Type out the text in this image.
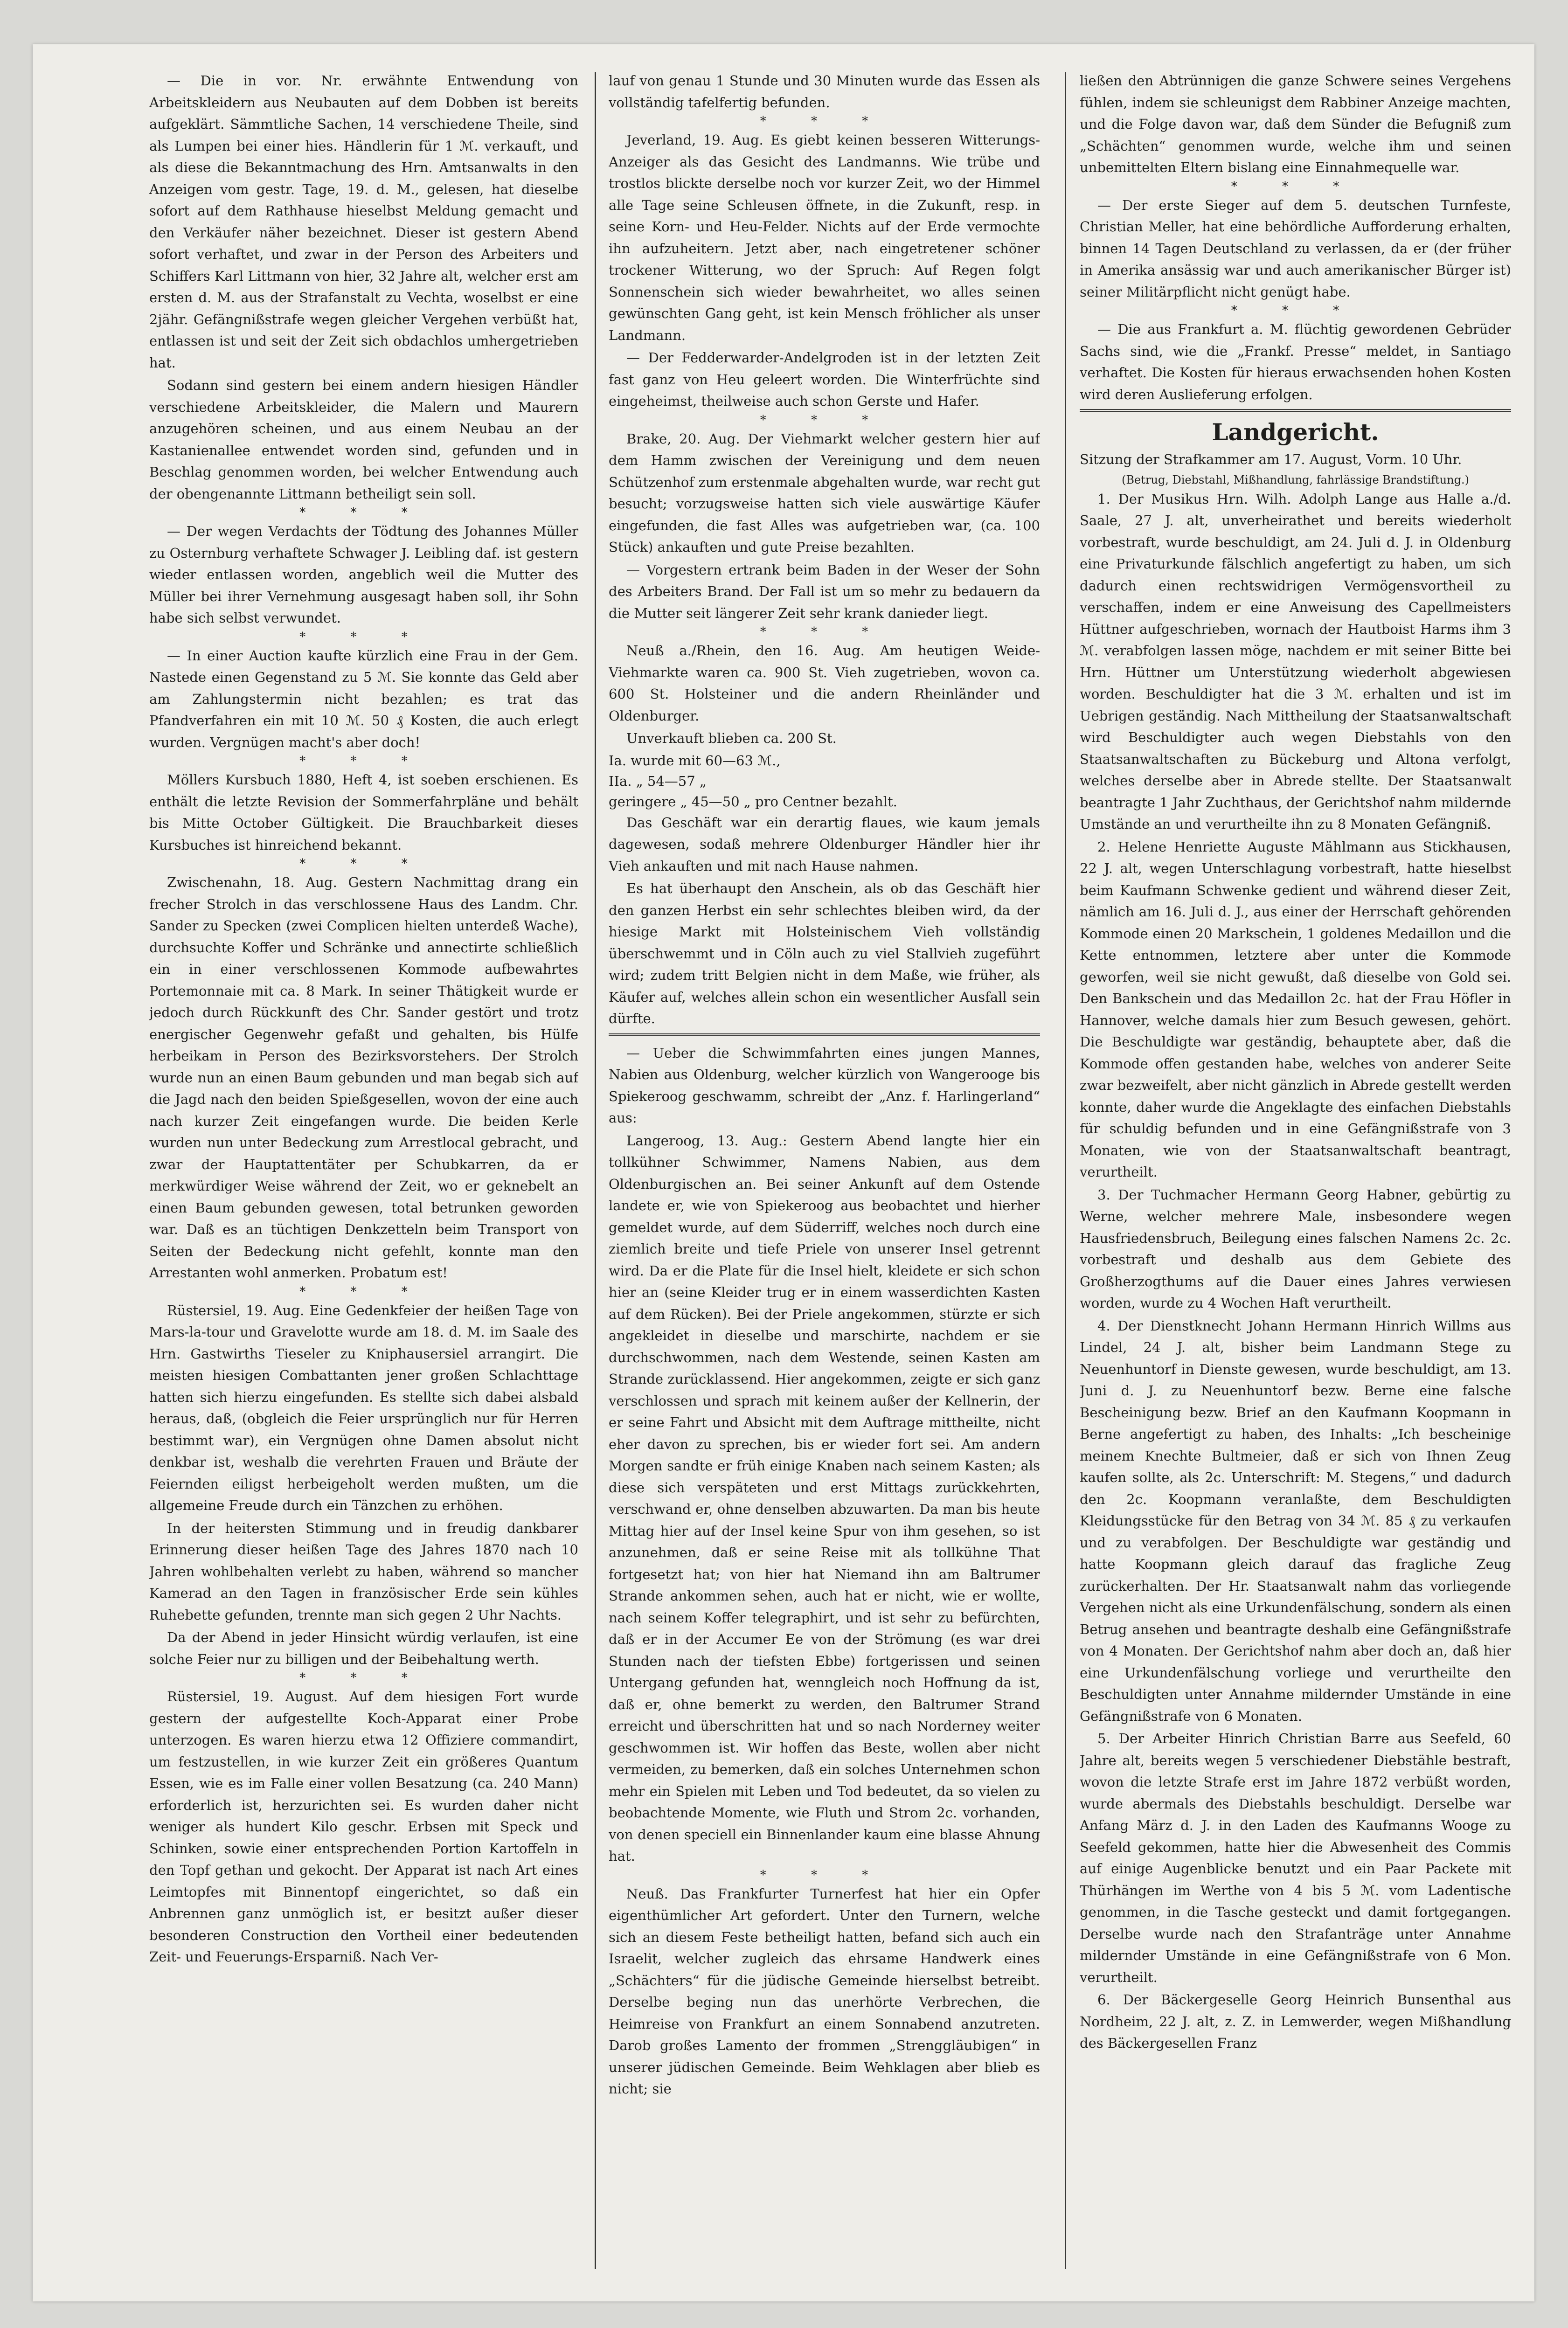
— Die in vor. Nr. erwähnte Entwendung von Arbeitskleidern aus Neubauten auf dem Dobben ist bereits aufgeklärt. Sämmtliche Sachen, 14 verschiedene Theile, sind als Lumpen bei einer hies. Händlerin für 1 ℳ. verkauft, und als diese die Bekanntmachung des Hrn. Amtsanwalts in den Anzeigen vom gestr. Tage, 19. d. M., gelesen, hat dieselbe sofort auf dem Rathhause hieselbst Meldung gemacht und den Verkäufer näher bezeichnet. Dieser ist gestern Abend sofort verhaftet, und zwar in der Person des Arbeiters und Schiffers Karl Littmann von hier, 32 Jahre alt, welcher erst am ersten d. M. aus der Strafanstalt zu Vechta, woselbst er eine 2jähr. Gefängnißstrafe wegen gleicher Vergehen verbüßt hat, entlassen ist und seit der Zeit sich obdachlos umhergetrieben hat.

Sodann sind gestern bei einem andern hiesigen Händler verschiedene Arbeitskleider, die Malern und Maurern anzugehören scheinen, und aus einem Neubau an der Kastanienallee entwendet worden sind, gefunden und in Beschlag genommen worden, bei welcher Entwendung auch der obengenannte Littmann betheiligt sein soll.

* * *

— Der wegen Verdachts der Tödtung des Johannes Müller zu Osternburg verhaftete Schwager J. Leibling daf. ist gestern wieder entlassen worden, angeblich weil die Mutter des Müller bei ihrer Vernehmung ausgesagt haben soll, ihr Sohn habe sich selbst verwundet.

* * *

— In einer Auction kaufte kürzlich eine Frau in der Gem. Nastede einen Gegenstand zu 5 ℳ. Sie konnte das Geld aber am Zahlungstermin nicht bezahlen; es trat das Pfandverfahren ein mit 10 ℳ. 50 ₰ Kosten, die auch erlegt wurden. Vergnügen macht's aber doch!

* * *

Möllers Kursbuch 1880, Heft 4, ist soeben erschienen. Es enthält die letzte Revision der Sommerfahrpläne und behält bis Mitte October Gültigkeit. Die Brauchbarkeit dieses Kursbuches ist hinreichend bekannt.

* * *

Zwischenahn, 18. Aug. Gestern Nachmittag drang ein frecher Strolch in das verschlossene Haus des Landm. Chr. Sander zu Specken (zwei Complicen hielten unterdeß Wache), durchsuchte Koffer und Schränke und annectirte schließlich ein in einer verschlossenen Kommode aufbewahrtes Portemonnaie mit ca. 8 Mark. In seiner Thätigkeit wurde er jedoch durch Rückkunft des Chr. Sander gestört und trotz energischer Gegenwehr gefaßt und gehalten, bis Hülfe herbeikam in Person des Bezirksvorstehers. Der Strolch wurde nun an einen Baum gebunden und man begab sich auf die Jagd nach den beiden Spießgesellen, wovon der eine auch nach kurzer Zeit eingefangen wurde. Die beiden Kerle wurden nun unter Bedeckung zum Arrestlocal gebracht, und zwar der Hauptattentäter per Schubkarren, da er merkwürdiger Weise während der Zeit, wo er geknebelt an einen Baum gebunden gewesen, total betrunken geworden war. Daß es an tüchtigen Denkzetteln beim Transport von Seiten der Bedeckung nicht gefehlt, konnte man den Arrestanten wohl anmerken. Probatum est!

* * *

Rüstersiel, 19. Aug. Eine Gedenkfeier der heißen Tage von Mars-la-tour und Gravelotte wurde am 18. d. M. im Saale des Hrn. Gastwirths Tieseler zu Kniphausersiel arrangirt. Die meisten hiesigen Combattanten jener großen Schlachttage hatten sich hierzu eingefunden. Es stellte sich dabei alsbald heraus, daß, (obgleich die Feier ursprünglich nur für Herren bestimmt war), ein Vergnügen ohne Damen absolut nicht denkbar ist, weshalb die verehrten Frauen und Bräute der Feiernden eiligst herbeigeholt werden mußten, um die allgemeine Freude durch ein Tänzchen zu erhöhen.

In der heitersten Stimmung und in freudig dankbarer Erinnerung dieser heißen Tage des Jahres 1870 nach 10 Jahren wohlbehalten verlebt zu haben, während so mancher Kamerad an den Tagen in französischer Erde sein kühles Ruhebette gefunden, trennte man sich gegen 2 Uhr Nachts.

Da der Abend in jeder Hinsicht würdig verlaufen, ist eine solche Feier nur zu billigen und der Beibehaltung werth.

* * *

Rüstersiel, 19. August. Auf dem hiesigen Fort wurde gestern der aufgestellte Koch-Apparat einer Probe unterzogen. Es waren hierzu etwa 12 Offiziere commandirt, um festzustellen, in wie kurzer Zeit ein größeres Quantum Essen, wie es im Falle einer vollen Besatzung (ca. 240 Mann) erforderlich ist, herzurichten sei. Es wurden daher nicht weniger als hundert Kilo geschr. Erbsen mit Speck und Schinken, sowie einer entsprechenden Portion Kartoffeln in den Topf gethan und gekocht. Der Apparat ist nach Art eines Leimtopfes mit Binnentopf eingerichtet, so daß ein Anbrennen ganz unmöglich ist, er besitzt außer dieser besonderen Construction den Vortheil einer bedeutenden Zeit- und Feuerungs-Ersparniß. Nach Ver-

lauf von genau 1 Stunde und 30 Minuten wurde das Essen als vollständig tafelfertig befunden.

* * *

Jeverland, 19. Aug. Es giebt keinen besseren Witterungs-Anzeiger als das Gesicht des Landmanns. Wie trübe und trostlos blickte derselbe noch vor kurzer Zeit, wo der Himmel alle Tage seine Schleusen öffnete, in die Zukunft, resp. in seine Korn- und Heu-Felder. Nichts auf der Erde vermochte ihn aufzuheitern. Jetzt aber, nach eingetretener schöner trockener Witterung, wo der Spruch: Auf Regen folgt Sonnenschein sich wieder bewahrheitet, wo alles seinen gewünschten Gang geht, ist kein Mensch fröhlicher als unser Landmann.

— Der Fedderwarder-Andelgroden ist in der letzten Zeit fast ganz von Heu geleert worden. Die Winterfrüchte sind eingeheimst, theilweise auch schon Gerste und Hafer.

* * *

Brake, 20. Aug. Der Viehmarkt welcher gestern hier auf dem Hamm zwischen der Vereinigung und dem neuen Schützenhof zum erstenmale abgehalten wurde, war recht gut besucht; vorzugsweise hatten sich viele auswärtige Käufer eingefunden, die fast Alles was aufgetrieben war, (ca. 100 Stück) ankauften und gute Preise bezahlten.

— Vorgestern ertrank beim Baden in der Weser der Sohn des Arbeiters Brand. Der Fall ist um so mehr zu bedauern da die Mutter seit längerer Zeit sehr krank danieder liegt.

* * *

Neuß a./Rhein, den 16. Aug. Am heutigen Weide-Viehmarkte waren ca. 900 St. Vieh zugetrieben, wovon ca. 600 St. Holsteiner und die andern Rheinländer und Oldenburger.

Unverkauft blieben ca. 200 St.

Ia. wurde mit 60—63 ℳ.,
IIa. „ 54—57 „
geringere „ 45—50 „ pro Centner bezahlt.

Das Geschäft war ein derartig flaues, wie kaum jemals dagewesen, sodaß mehrere Oldenburger Händler hier ihr Vieh ankauften und mit nach Hause nahmen.

Es hat überhaupt den Anschein, als ob das Geschäft hier den ganzen Herbst ein sehr schlechtes bleiben wird, da der hiesige Markt mit Holsteinischem Vieh vollständig überschwemmt und in Cöln auch zu viel Stallvieh zugeführt wird; zudem tritt Belgien nicht in dem Maße, wie früher, als Käufer auf, welches allein schon ein wesentlicher Ausfall sein dürfte.

— Ueber die Schwimmfahrten eines jungen Mannes, Nabien aus Oldenburg, welcher kürzlich von Wangerooge bis Spiekeroog geschwamm, schreibt der „Anz. f. Harlingerland“ aus:

Langeroog, 13. Aug.: Gestern Abend langte hier ein tollkühner Schwimmer, Namens Nabien, aus dem Oldenburgischen an. Bei seiner Ankunft auf dem Ostende landete er, wie von Spiekeroog aus beobachtet und hierher gemeldet wurde, auf dem Süderriff, welches noch durch eine ziemlich breite und tiefe Priele von unserer Insel getrennt wird. Da er die Plate für die Insel hielt, kleidete er sich schon hier an (seine Kleider trug er in einem wasserdichten Kasten auf dem Rücken). Bei der Priele angekommen, stürzte er sich angekleidet in dieselbe und marschirte, nachdem er sie durchschwommen, nach dem Westende, seinen Kasten am Strande zurücklassend. Hier angekommen, zeigte er sich ganz verschlossen und sprach mit keinem außer der Kellnerin, der er seine Fahrt und Absicht mit dem Auftrage mittheilte, nicht eher davon zu sprechen, bis er wieder fort sei. Am andern Morgen sandte er früh einige Knaben nach seinem Kasten; als diese sich verspäteten und erst Mittags zurückkehrten, verschwand er, ohne denselben abzuwarten. Da man bis heute Mittag hier auf der Insel keine Spur von ihm gesehen, so ist anzunehmen, daß er seine Reise mit als tollkühne That fortgesetzt hat; von hier hat Niemand ihn am Baltrumer Strande ankommen sehen, auch hat er nicht, wie er wollte, nach seinem Koffer telegraphirt, und ist sehr zu befürchten, daß er in der Accumer Ee von der Strömung (es war drei Stunden nach der tiefsten Ebbe) fortgerissen und seinen Untergang gefunden hat, wenngleich noch Hoffnung da ist, daß er, ohne bemerkt zu werden, den Baltrumer Strand erreicht und überschritten hat und so nach Norderney weiter geschwommen ist. Wir hoffen das Beste, wollen aber nicht vermeiden, zu bemerken, daß ein solches Unternehmen schon mehr ein Spielen mit Leben und Tod bedeutet, da so vielen zu beobachtende Momente, wie Fluth und Strom 2c. vorhanden, von denen speciell ein Binnenlander kaum eine blasse Ahnung hat.

* * *

Neuß. Das Frankfurter Turnerfest hat hier ein Opfer eigenthümlicher Art gefordert. Unter den Turnern, welche sich an diesem Feste betheiligt hatten, befand sich auch ein Israelit, welcher zugleich das ehrsame Handwerk eines „Schächters“ für die jüdische Gemeinde hierselbst betreibt. Derselbe beging nun das unerhörte Verbrechen, die Heimreise von Frankfurt an einem Sonnabend anzutreten. Darob großes Lamento der frommen „Strenggläubigen“ in unserer jüdischen Gemeinde. Beim Wehklagen aber blieb es nicht; sie

ließen den Abtrünnigen die ganze Schwere seines Vergehens fühlen, indem sie schleunigst dem Rabbiner Anzeige machten, und die Folge davon war, daß dem Sünder die Befugniß zum „Schächten“ genommen wurde, welche ihm und seinen unbemittelten Eltern bislang eine Einnahmequelle war.

* * *

— Der erste Sieger auf dem 5. deutschen Turnfeste, Christian Meller, hat eine behördliche Aufforderung erhalten, binnen 14 Tagen Deutschland zu verlassen, da er (der früher in Amerika ansässig war und auch amerikanischer Bürger ist) seiner Militärpflicht nicht genügt habe.

* * *

— Die aus Frankfurt a. M. flüchtig gewordenen Gebrüder Sachs sind, wie die „Frankf. Presse“ meldet, in Santiago verhaftet. Die Kosten für hieraus erwachsenden hohen Kosten wird deren Auslieferung erfolgen.

Landgericht.

Sitzung der Strafkammer am 17. August, Vorm. 10 Uhr.

(Betrug, Diebstahl, Mißhandlung, fahrlässige Brandstiftung.)

1. Der Musikus Hrn. Wilh. Adolph Lange aus Halle a./d. Saale, 27 J. alt, unverheirathet und bereits wiederholt vorbestraft, wurde beschuldigt, am 24. Juli d. J. in Oldenburg eine Privaturkunde fälschlich angefertigt zu haben, um sich dadurch einen rechtswidrigen Vermögensvortheil zu verschaffen, indem er eine Anweisung des Capellmeisters Hüttner aufgeschrieben, wornach der Hautboist Harms ihm 3 ℳ. verabfolgen lassen möge, nachdem er mit seiner Bitte bei Hrn. Hüttner um Unterstützung wiederholt abgewiesen worden. Beschuldigter hat die 3 ℳ. erhalten und ist im Uebrigen geständig. Nach Mittheilung der Staatsanwaltschaft wird Beschuldigter auch wegen Diebstahls von den Staatsanwaltschaften zu Bückeburg und Altona verfolgt, welches derselbe aber in Abrede stellte. Der Staatsanwalt beantragte 1 Jahr Zuchthaus, der Gerichtshof nahm mildernde Umstände an und verurtheilte ihn zu 8 Monaten Gefängniß.

2. Helene Henriette Auguste Mählmann aus Stickhausen, 22 J. alt, wegen Unterschlagung vorbestraft, hatte hieselbst beim Kaufmann Schwenke gedient und während dieser Zeit, nämlich am 16. Juli d. J., aus einer der Herrschaft gehörenden Kommode einen 20 Markschein, 1 goldenes Medaillon und die Kette entnommen, letztere aber unter die Kommode geworfen, weil sie nicht gewußt, daß dieselbe von Gold sei. Den Bankschein und das Medaillon 2c. hat der Frau Höfler in Hannover, welche damals hier zum Besuch gewesen, gehört. Die Beschuldigte war geständig, behauptete aber, daß die Kommode offen gestanden habe, welches von anderer Seite zwar bezweifelt, aber nicht gänzlich in Abrede gestellt werden konnte, daher wurde die Angeklagte des einfachen Diebstahls für schuldig befunden und in eine Gefängnißstrafe von 3 Monaten, wie von der Staatsanwaltschaft beantragt, verurtheilt.

3. Der Tuchmacher Hermann Georg Habner, gebürtig zu Werne, welcher mehrere Male, insbesondere wegen Hausfriedensbruch, Beilegung eines falschen Namens 2c. 2c. vorbestraft und deshalb aus dem Gebiete des Großherzogthums auf die Dauer eines Jahres verwiesen worden, wurde zu 4 Wochen Haft verurtheilt.

4. Der Dienstknecht Johann Hermann Hinrich Willms aus Lindel, 24 J. alt, bisher beim Landmann Stege zu Neuenhuntorf in Dienste gewesen, wurde beschuldigt, am 13. Juni d. J. zu Neuenhuntorf bezw. Berne eine falsche Bescheinigung bezw. Brief an den Kaufmann Koopmann in Berne angefertigt zu haben, des Inhalts: „Ich bescheinige meinem Knechte Bultmeier, daß er sich von Ihnen Zeug kaufen sollte, als 2c. Unterschrift: M. Stegens,“ und dadurch den 2c. Koopmann veranlaßte, dem Beschuldigten Kleidungsstücke für den Betrag von 34 ℳ. 85 ₰ zu verkaufen und zu verabfolgen. Der Beschuldigte war geständig und hatte Koopmann gleich darauf das fragliche Zeug zurückerhalten. Der Hr. Staatsanwalt nahm das vorliegende Vergehen nicht als eine Urkundenfälschung, sondern als einen Betrug ansehen und beantragte deshalb eine Gefängnißstrafe von 4 Monaten. Der Gerichtshof nahm aber doch an, daß hier eine Urkundenfälschung vorliege und verurtheilte den Beschuldigten unter Annahme mildernder Umstände in eine Gefängnißstrafe von 6 Monaten.

5. Der Arbeiter Hinrich Christian Barre aus Seefeld, 60 Jahre alt, bereits wegen 5 verschiedener Diebstähle bestraft, wovon die letzte Strafe erst im Jahre 1872 verbüßt worden, wurde abermals des Diebstahls beschuldigt. Derselbe war Anfang März d. J. in den Laden des Kaufmanns Wooge zu Seefeld gekommen, hatte hier die Abwesenheit des Commis auf einige Augenblicke benutzt und ein Paar Packete mit Thürhängen im Werthe von 4 bis 5 ℳ. vom Ladentische genommen, in die Tasche gesteckt und damit fortgegangen. Derselbe wurde nach den Strafanträge unter Annahme mildernder Umstände in eine Gefängnißstrafe von 6 Mon. verurtheilt.

6. Der Bäckergeselle Georg Heinrich Bunsenthal aus Nordheim, 22 J. alt, z. Z. in Lemwerder, wegen Mißhandlung des Bäckergesellen Franz
